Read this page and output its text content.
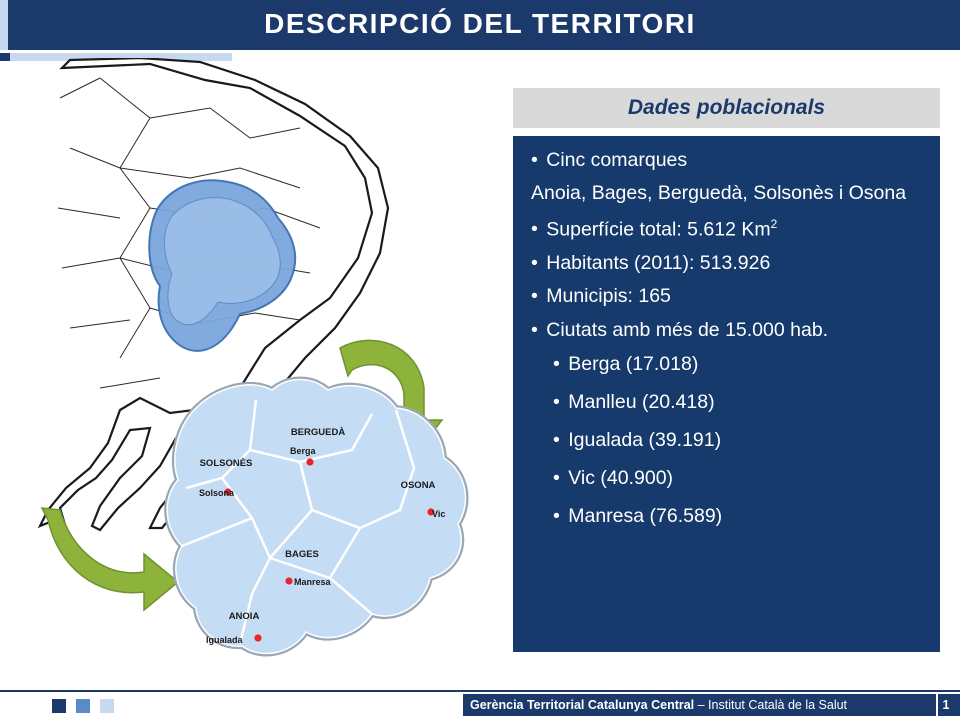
DESCRIPCIÓ DEL TERRITORI
BERGUEDÀ
SOLSONÈS
OSONA
BAGES
ANOIA
Berga
Solsona
Vic
Manresa
Igualada
Dades poblacionals

• Cinc comarques

Anoia, Bages, Berguedà, Solsonès i Osona

• Superfície total: 5.612 Km$^2$

• Habitants (2011): 513.926

• Municipis: 165

• Ciutats amb més de 15.000 hab.

• Berga (17.018)

• Manlleu (20.418)

• Igualada (39.191)

• Vic (40.900)

• Manresa (76.589)

Gerència Territorial Catalunya Central – Institut Català de la Salut	1
